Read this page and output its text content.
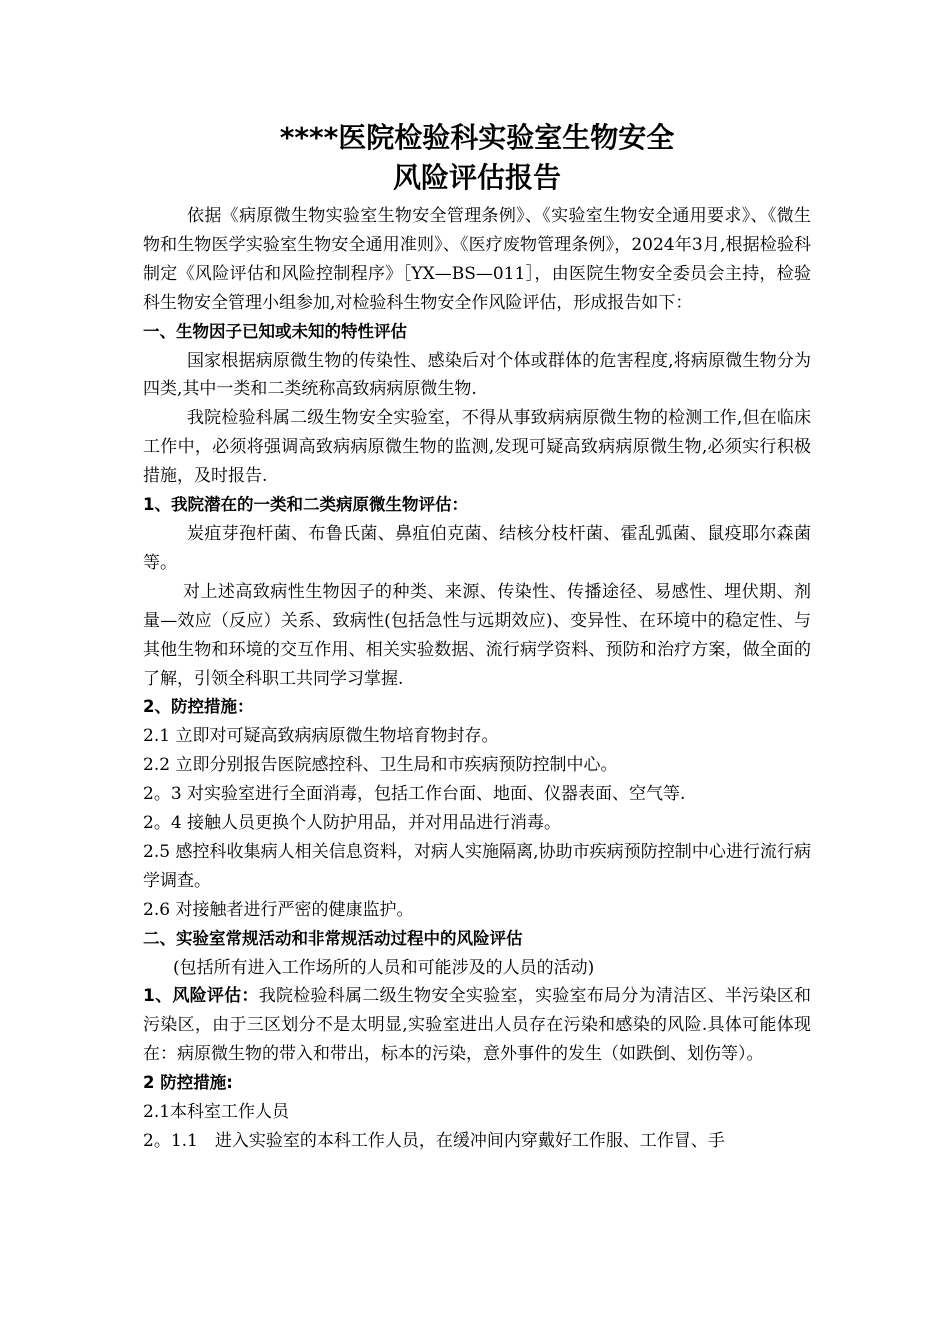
****医院检验科实验室生物安全
风险评估报告

依据《病原微生物实验室生物安全管理条例》、《实验室生物安全通用要求》、《微生物和生物医学实验室生物安全通用准则》、《医疗废物管理条例》，2024年3月,根据检验科制定《风险评估和风险控制程序》［YX—BS—011］，由医院生物安全委员会主持，检验科生物安全管理小组参加,对检验科生物安全作风险评估，形成报告如下：

一、生物因子已知或未知的特性评估

国家根据病原微生物的传染性、感染后对个体或群体的危害程度,将病原微生物分为四类,其中一类和二类统称高致病病原微生物.

我院检验科属二级生物安全实验室，不得从事致病病原微生物的检测工作,但在临床工作中，必须将强调高致病病原微生物的监测,发现可疑高致病病原微生物,必须实行积极措施，及时报告.

1、我院潜在的一类和二类病原微生物评估：

炭疽芽孢杆菌、布鲁氏菌、鼻疽伯克菌、结核分枝杆菌、霍乱弧菌、鼠疫耶尔森菌等。

对上述高致病性生物因子的种类、来源、传染性、传播途径、易感性、埋伏期、剂量—效应（反应）关系、致病性(包括急性与远期效应)、变异性、在环境中的稳定性、与其他生物和环境的交互作用、相关实验数据、流行病学资料、预防和治疗方案，做全面的了解，引领全科职工共同学习掌握.

2、防控措施：

2.1 立即对可疑高致病病原微生物培育物封存。

2.2 立即分别报告医院感控科、卫生局和市疾病预防控制中心。

2。3 对实验室进行全面消毒，包括工作台面、地面、仪器表面、空气等.

2。4 接触人员更换个人防护用品，并对用品进行消毒。

2.5 感控科收集病人相关信息资料，对病人实施隔离,协助市疾病预防控制中心进行流行病学调查。

2.6 对接触者进行严密的健康监护。

二、实验室常规活动和非常规活动过程中的风险评估

(包括所有进入工作场所的人员和可能涉及的人员的活动)

1、风险评估：我院检验科属二级生物安全实验室，实验室布局分为清洁区、半污染区和污染区，由于三区划分不是太明显,实验室进出人员存在污染和感染的风险.具体可能体现在：病原微生物的带入和带出，标本的污染，意外事件的发生（如跌倒、划伤等）。

2 防控措施:

2.1本科室工作人员

2。1.1　进入实验室的本科工作人员，在缓冲间内穿戴好工作服、工作冒、手
